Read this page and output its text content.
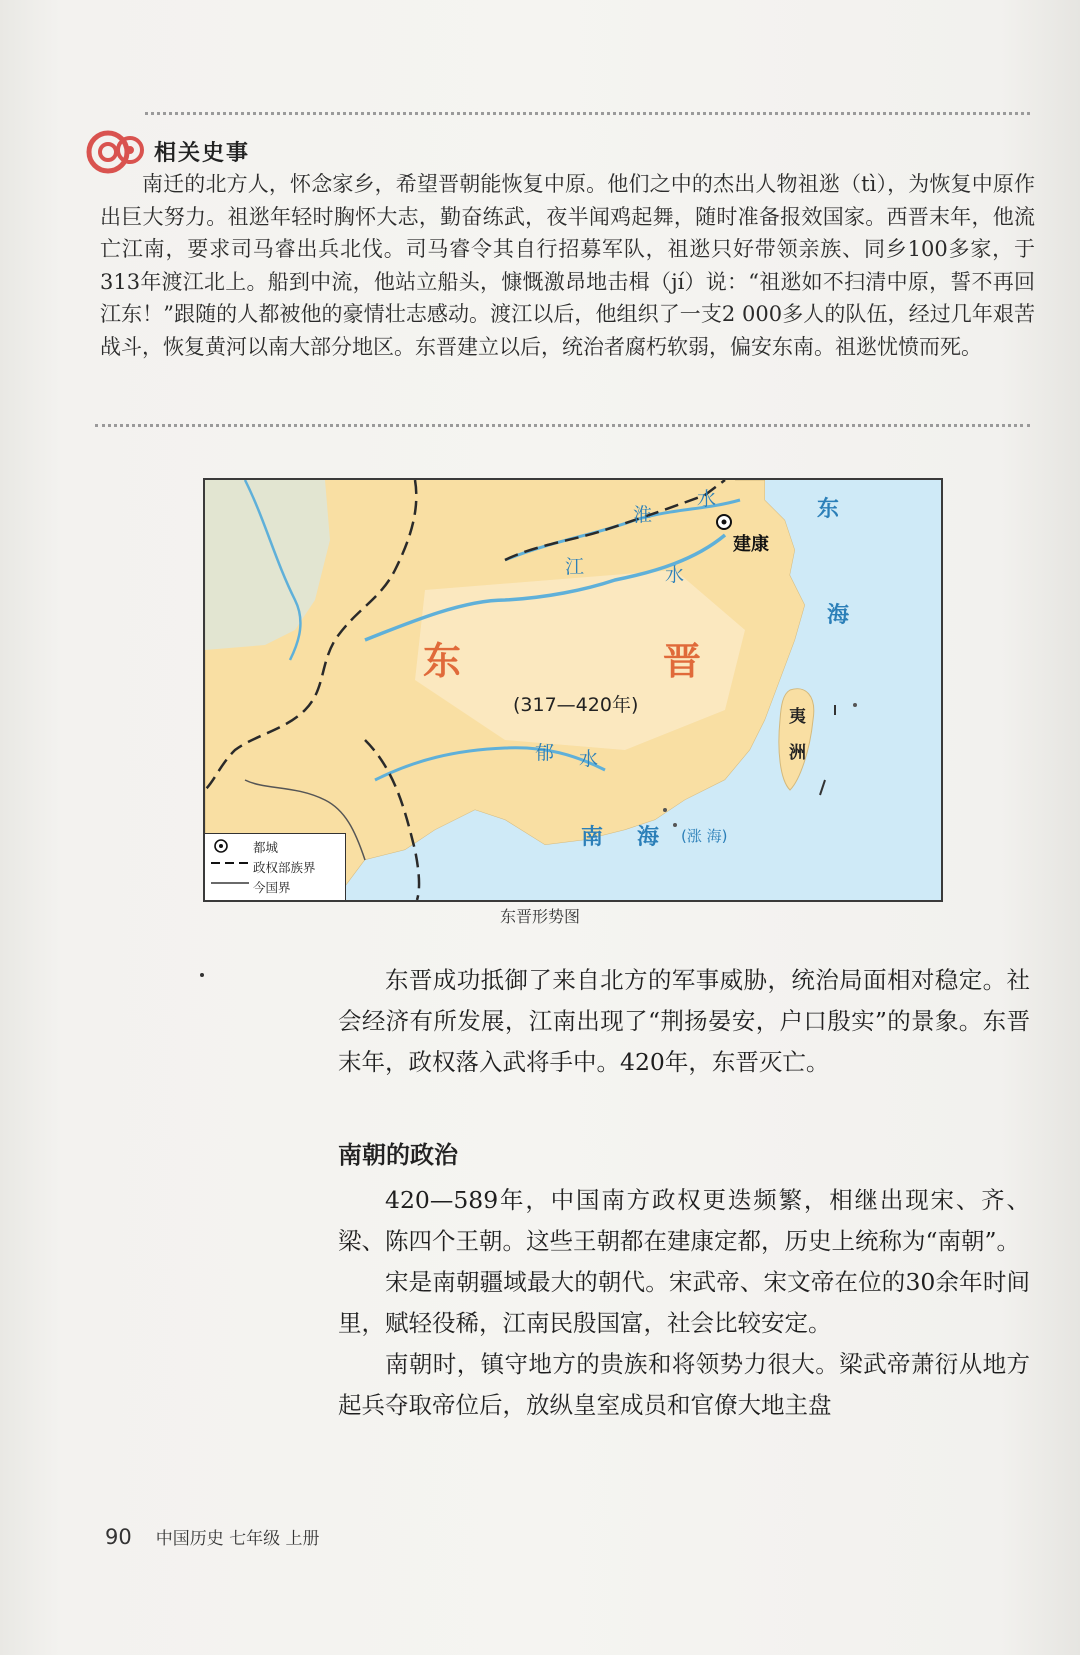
相关史事

南迁的北方人，怀念家乡，希望晋朝能恢复中原。他们之中的杰出人物祖逖（tì），为恢复中原作出巨大努力。祖逖年轻时胸怀大志，勤奋练武，夜半闻鸡起舞，随时准备报效国家。西晋末年，他流亡江南，要求司马睿出兵北伐。司马睿令其自行招募军队，祖逖只好带领亲族、同乡100多家，于313年渡江北上。船到中流，他站立船头，慷慨激昂地击楫（jí）说：“祖逖如不扫清中原，誓不再回江东！”跟随的人都被他的豪情壮志感动。渡江以后，他组织了一支2 000多人的队伍，经过几年艰苦战斗，恢复黄河以南大部分地区。东晋建立以后，统治者腐朽软弱，偏安东南。祖逖忧愤而死。

东	晋
(317—420年)
建康
淮
水
江	水
郁 水
东
海
夷
洲
南 海 (涨 海)
都城
政权部族界
今国界
东晋形势图

东晋成功抵御了来自北方的军事威胁，统治局面相对稳定。社会经济有所发展，江南出现了“荆扬晏安，户口殷实”的景象。东晋末年，政权落入武将手中。420年，东晋灭亡。

南朝的政治

420—589年，中国南方政权更迭频繁，相继出现宋、齐、梁、陈四个王朝。这些王朝都在建康定都，历史上统称为“南朝”。

宋是南朝疆域最大的朝代。宋武帝、宋文帝在位的30余年时间里，赋轻役稀，江南民殷国富，社会比较安定。

南朝时，镇守地方的贵族和将领势力很大。梁武帝萧衍从地方起兵夺取帝位后，放纵皇室成员和官僚大地主盘

90 中国历史 七年级 上册
